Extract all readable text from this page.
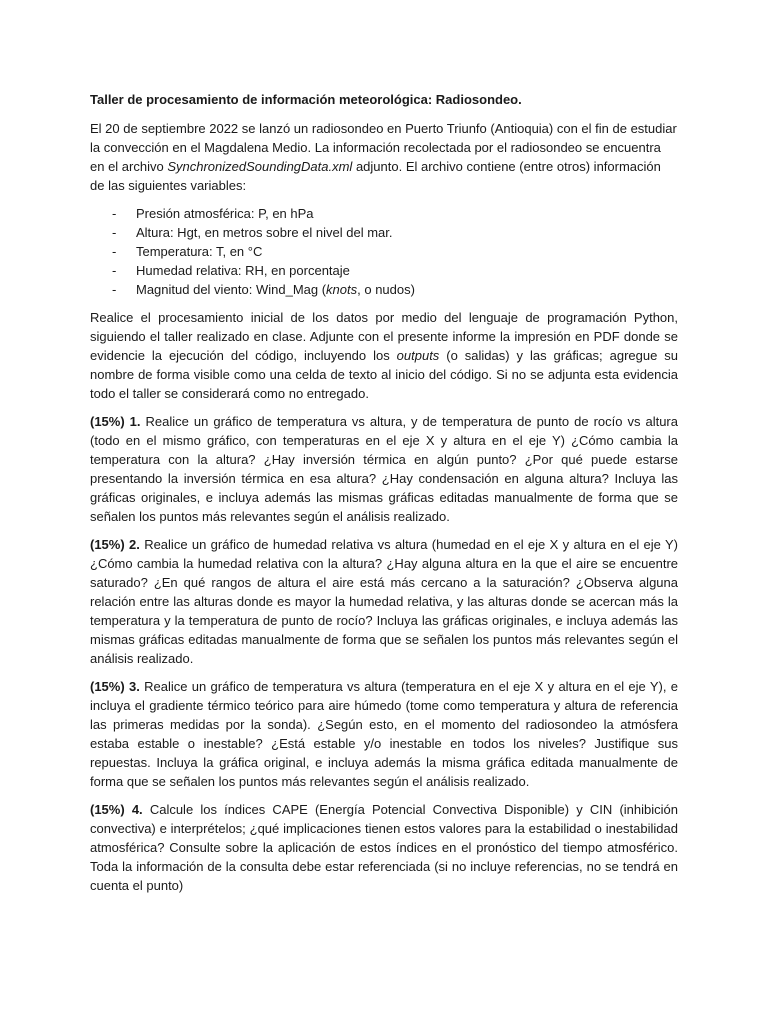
Taller de procesamiento de información meteorológica: Radiosondeo.

El 20 de septiembre 2022 se lanzó un radiosondeo en Puerto Triunfo (Antioquia) con el fin de estudiar la convección en el Magdalena Medio. La información recolectada por el radiosondeo se encuentra en el archivo SynchronizedSoundingData.xml adjunto. El archivo contiene (entre otros) información de las siguientes variables:

- Presión atmosférica: P, en hPa
- Altura: Hgt, en metros sobre el nivel del mar.
- Temperatura: T, en °C
- Humedad relativa: RH, en porcentaje
- Magnitud del viento: Wind_Mag (knots, o nudos)

Realice el procesamiento inicial de los datos por medio del lenguaje de programación Python, siguiendo el taller realizado en clase. Adjunte con el presente informe la impresión en PDF donde se evidencie la ejecución del código, incluyendo los outputs (o salidas) y las gráficas; agregue su nombre de forma visible como una celda de texto al inicio del código. Si no se adjunta esta evidencia todo el taller se considerará como no entregado.

(15%) 1. Realice un gráfico de temperatura vs altura, y de temperatura de punto de rocío vs altura (todo en el mismo gráfico, con temperaturas en el eje X y altura en el eje Y) ¿Cómo cambia la temperatura con la altura? ¿Hay inversión térmica en algún punto? ¿Por qué puede estarse presentando la inversión térmica en esa altura? ¿Hay condensación en alguna altura? Incluya las gráficas originales, e incluya además las mismas gráficas editadas manualmente de forma que se señalen los puntos más relevantes según el análisis realizado.

(15%) 2. Realice un gráfico de humedad relativa vs altura (humedad en el eje X y altura en el eje Y) ¿Cómo cambia la humedad relativa con la altura? ¿Hay alguna altura en la que el aire se encuentre saturado? ¿En qué rangos de altura el aire está más cercano a la saturación? ¿Observa alguna relación entre las alturas donde es mayor la humedad relativa, y las alturas donde se acercan más la temperatura y la temperatura de punto de rocío? Incluya las gráficas originales, e incluya además las mismas gráficas editadas manualmente de forma que se señalen los puntos más relevantes según el análisis realizado.

(15%) 3. Realice un gráfico de temperatura vs altura (temperatura en el eje X y altura en el eje Y), e incluya el gradiente térmico teórico para aire húmedo (tome como temperatura y altura de referencia las primeras medidas por la sonda). ¿Según esto, en el momento del radiosondeo la atmósfera estaba estable o inestable? ¿Está estable y/o inestable en todos los niveles? Justifique sus repuestas. Incluya la gráfica original, e incluya además la misma gráfica editada manualmente de forma que se señalen los puntos más relevantes según el análisis realizado.

(15%) 4. Calcule los índices CAPE (Energía Potencial Convectiva Disponible) y CIN (inhibición convectiva) e interprételos; ¿qué implicaciones tienen estos valores para la estabilidad o inestabilidad atmosférica? Consulte sobre la aplicación de estos índices en el pronóstico del tiempo atmosférico. Toda la información de la consulta debe estar referenciada (si no incluye referencias, no se tendrá en cuenta el punto)
